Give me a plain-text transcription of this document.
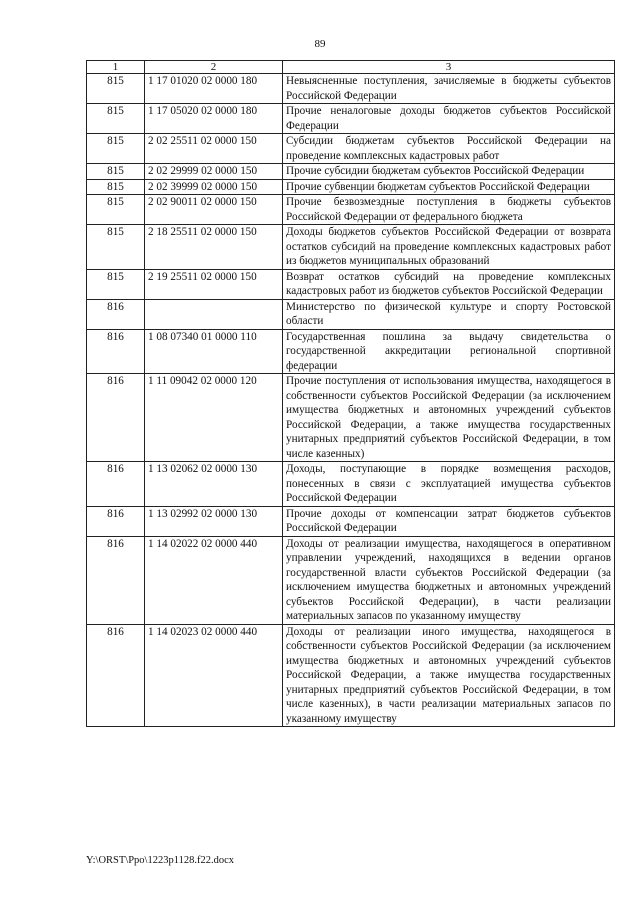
89
1	2	3
815	1 17 01020 02 0000 180	Невыясненные поступления, зачисляемые в бюджеты субъектов Российской Федерации
815	1 17 05020 02 0000 180	Прочие неналоговые доходы бюджетов субъектов Российской Федерации
815	2 02 25511 02 0000 150	Субсидии бюджетам субъектов Российской Федерации на проведение комплексных кадастровых работ
815	2 02 29999 02 0000 150	Прочие субсидии бюджетам субъектов Российской Федерации
815	2 02 39999 02 0000 150	Прочие субвенции бюджетам субъектов Российской Федерации
815	2 02 90011 02 0000 150	Прочие безвозмездные поступления в бюджеты субъектов Российской Федерации от федерального бюджета
815	2 18 25511 02 0000 150	Доходы бюджетов субъектов Российской Федерации от возврата остатков субсидий на проведение комплексных кадастровых работ из бюджетов муниципальных образований
815	2 19 25511 02 0000 150	Возврат остатков субсидий на проведение комплексных кадастровых работ из бюджетов субъектов Российской Федерации
816		Министерство по физической культуре и спорту Ростовской области
816	1 08 07340 01 0000 110	Государственная пошлина за выдачу свидетельства о государственной аккредитации региональной спортивной федерации
816	1 11 09042 02 0000 120	Прочие поступления от использования имущества, находящегося в собственности субъектов Российской Федерации (за исключением имущества бюджетных и автономных учреждений субъектов Российской Федерации, а также имущества государственных унитарных предприятий субъектов Российской Федерации, в том числе казенных)
816	1 13 02062 02 0000 130	Доходы, поступающие в порядке возмещения расходов, понесенных в связи с эксплуатацией имущества субъектов Российской Федерации
816	1 13 02992 02 0000 130	Прочие доходы от компенсации затрат бюджетов субъектов Российской Федерации
816	1 14 02022 02 0000 440	Доходы от реализации имущества, находящегося в оперативном управлении учреждений, находящихся в ведении органов государственной власти субъектов Российской Федерации (за исключением имущества бюджетных и автономных учреждений субъектов Российской Федерации), в части реализации материальных запасов по указанному имуществу
816	1 14 02023 02 0000 440	Доходы от реализации иного имущества, находящегося в собственности субъектов Российской Федерации (за исключением имущества бюджетных и автономных учреждений субъектов Российской Федерации, а также имущества государственных унитарных предприятий субъектов Российской Федерации, в том числе казенных), в части реализации материальных запасов по указанному имуществу
Y:\ORST\Ppo\1223p1128.f22.docx
